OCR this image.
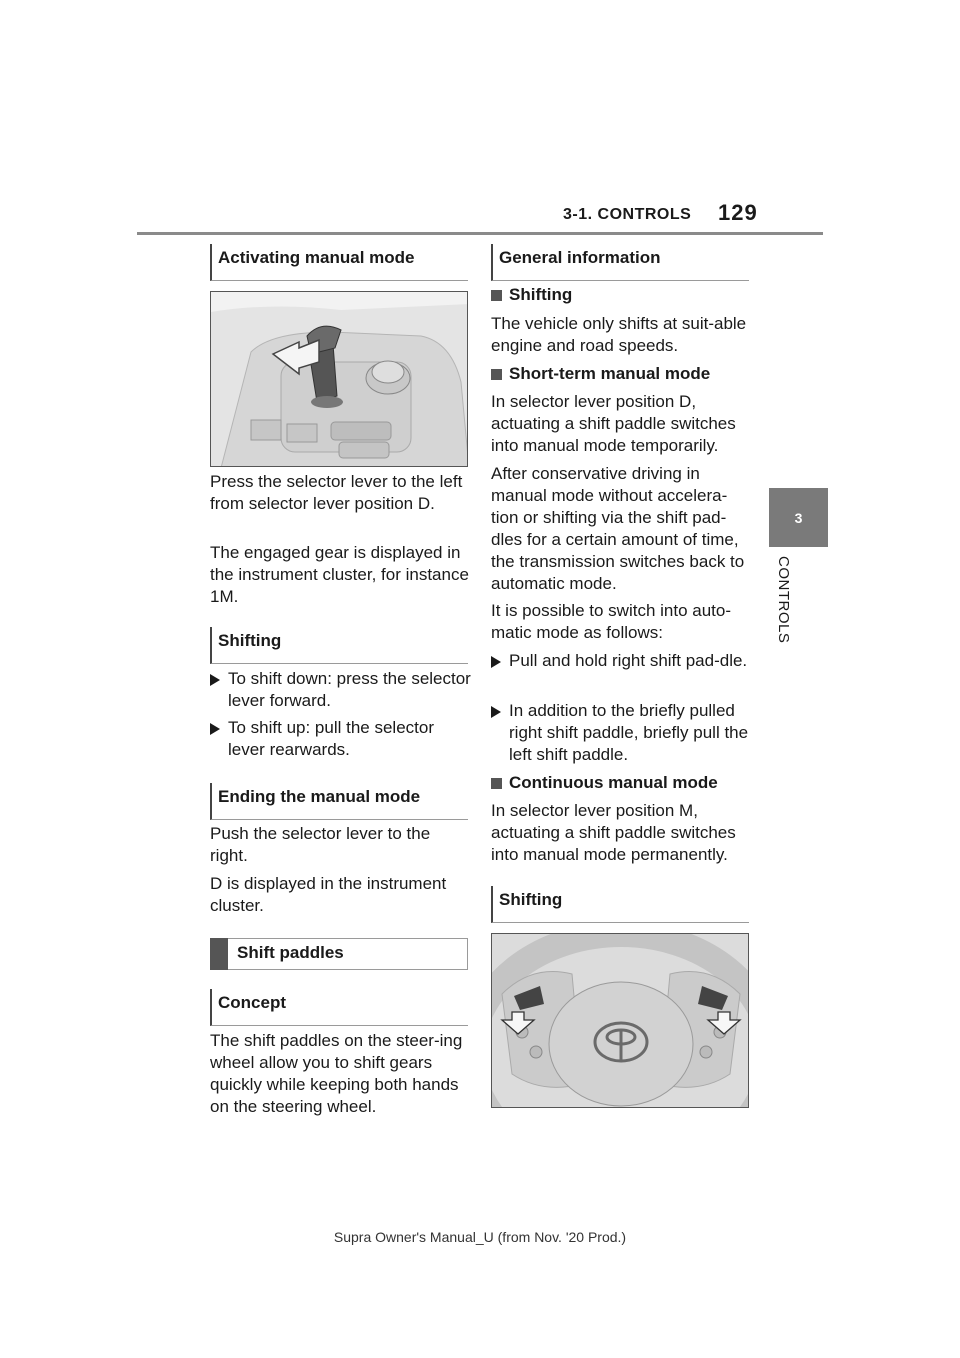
3-1. CONTROLS 129
3
CONTROLS
Activating manual mode
Press the selector lever to the left from selector lever position D.
The engaged gear is displayed in the instrument cluster, for instance 1M.
Shifting
To shift down: press the selector lever forward.
To shift up: pull the selector lever rearwards.
Ending the manual mode
Push the selector lever to the right.
D is displayed in the instrument cluster.
Shift paddles
Concept
The shift paddles on the steer-ing wheel allow you to shift gears quickly while keeping both hands on the steering wheel.
General information
Shifting
The vehicle only shifts at suit-able engine and road speeds.
Short-term manual mode
In selector lever position D, actuating a shift paddle switches into manual mode temporarily.
After conservative driving in manual mode without accelera-tion or shifting via the shift pad-dles for a certain amount of time, the transmission switches back to automatic mode.
It is possible to switch into auto-matic mode as follows:
Pull and hold right shift pad-dle.
In addition to the briefly pulled right shift paddle, briefly pull the left shift paddle.
Continuous manual mode
In selector lever position M, actuating a shift paddle switches into manual mode permanently.
Shifting
Supra Owner's Manual_U (from Nov. '20 Prod.)
